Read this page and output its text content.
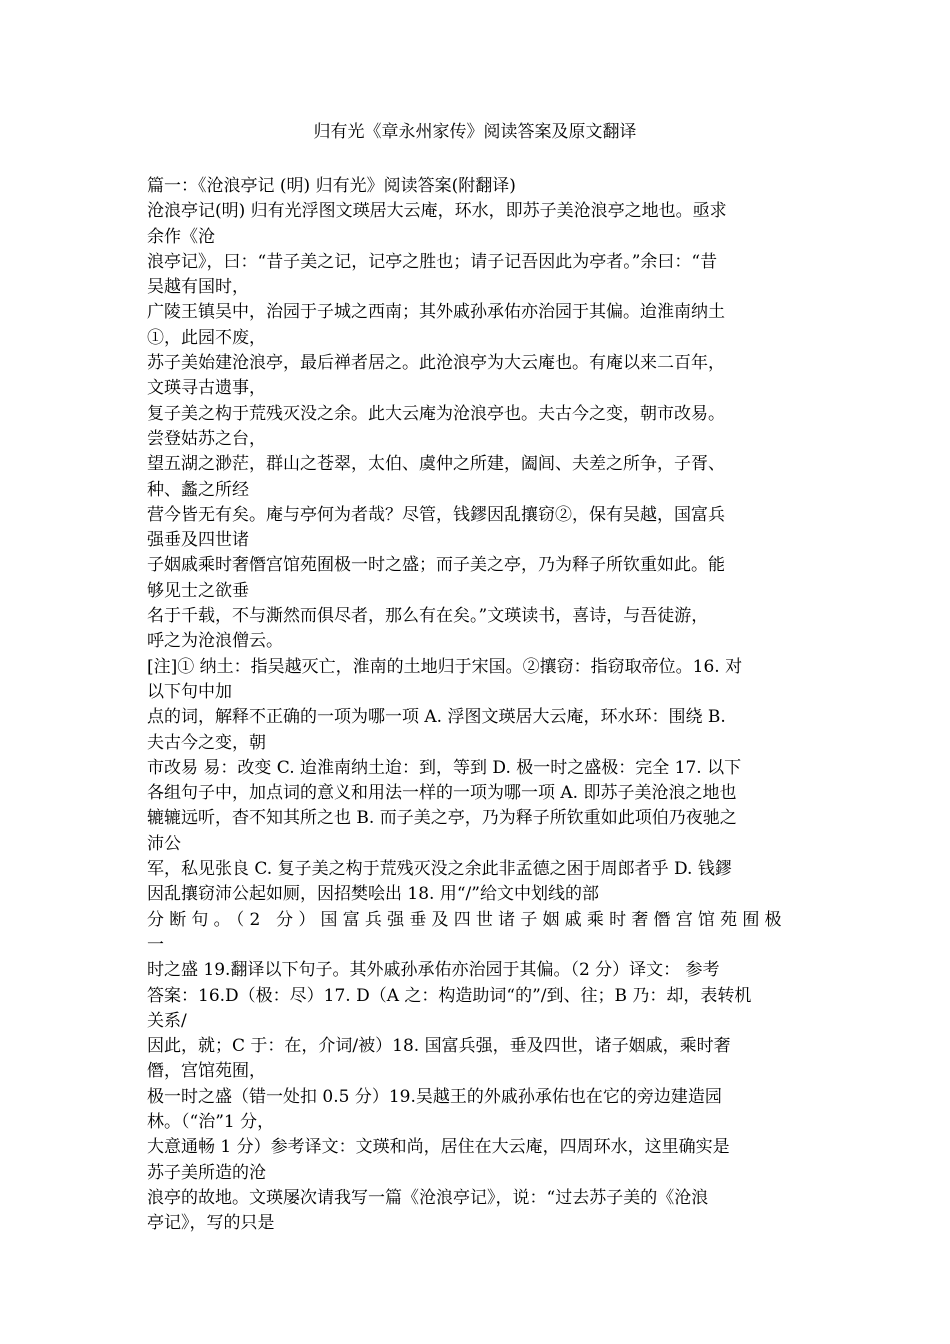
归有光《章永州家传》阅读答案及原文翻译
篇一：《沧浪亭记 (明) 归有光》阅读答案(附翻译)
沧浪亭记(明) 归有光浮图文瑛居大云庵，环水，即苏子美沧浪亭之地也。亟求
余作《沧
浪亭记》，曰：“昔子美之记，记亭之胜也；请子记吾因此为亭者。”余曰：“昔
吴越有国时，
广陵王镇吴中，治园于子城之西南；其外戚孙承佑亦治园于其偏。迨淮南纳土
①，此园不废，
苏子美始建沧浪亭，最后禅者居之。此沧浪亭为大云庵也。有庵以来二百年，
文瑛寻古遗事，
复子美之构于荒残灭没之余。此大云庵为沧浪亭也。夫古今之变，朝市改易。
尝登姑苏之台，
望五湖之渺茫，群山之苍翠，太伯、虞仲之所建，阖闾、夫差之所争，子胥、
种、蠡之所经
营今皆无有矣。庵与亭何为者哉？尽管，钱鏐因乱攘窃②，保有吴越，国富兵
强垂及四世诸
子姻戚乘时奢僭宫馆苑囿极一时之盛；而子美之亭，乃为释子所钦重如此。能
够见士之欲垂
名于千载，不与澌然而俱尽者，那么有在矣。”文瑛读书，喜诗，与吾徒游，
呼之为沧浪僧云。
[注]① 纳土：指吴越灭亡，淮南的土地归于宋国。②攘窃：指窃取帝位。16. 对
以下句中加
点的词，解释不正确的一项为哪一项 A. 浮图文瑛居大云庵，环水环：围绕 B.
夫古今之变，朝
市改易 易：改变 C. 迨淮南纳土迨：到，等到 D. 极一时之盛极：完全 17. 以下
各组句子中，加点词的意义和用法一样的一项为哪一项 A. 即苏子美沧浪之地也
辘辘远听，杳不知其所之也 B. 而子美之亭，乃为释子所钦重如此项伯乃夜驰之
沛公
军，私见张良 C. 复子美之构于荒残灭没之余此非孟德之困于周郎者乎 D. 钱鏐
因乱攘窃沛公起如厕，因招樊哙出 18. 用“/”给文中划线的部
分断句。（2 分）国富兵强垂及四世诸子姻戚乘时奢僭宫馆苑囿极
一
时之盛 19.翻译以下句子。其外戚孙承佑亦治园于其偏。（2 分）译文： 参考
答案：16.D（极：尽）17. D（A 之：构造助词“的”/到、往；B 乃：却，表转机
关系/
因此，就；C 于：在，介词/被）18. 国富兵强，垂及四世，诸子姻戚，乘时奢
僭，宫馆苑囿，
极一时之盛（错一处扣 0.5 分）19.吴越王的外戚孙承佑也在它的旁边建造园
林。（“治”1 分，
大意通畅 1 分）参考译文：文瑛和尚，居住在大云庵，四周环水，这里确实是
苏子美所造的沧
浪亭的故地。文瑛屡次请我写一篇《沧浪亭记》，说：“过去苏子美的《沧浪
亭记》，写的只是
